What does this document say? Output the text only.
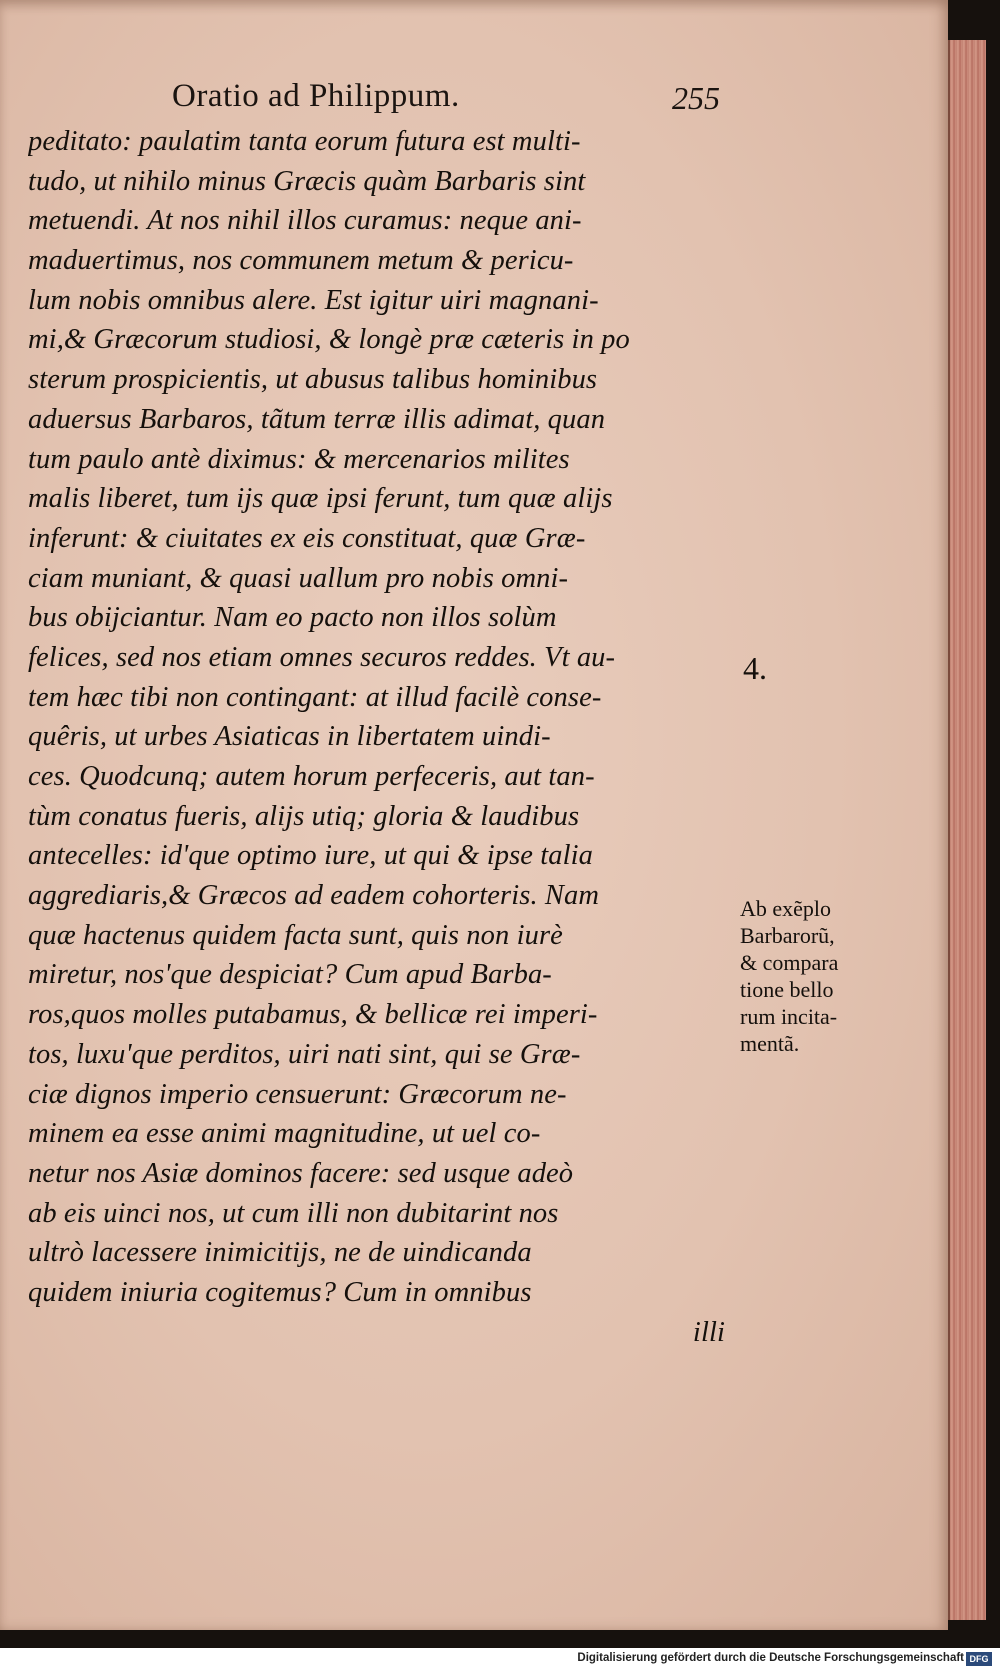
Oratio ad Philippum.	255
peditato: paulatim tanta eorum futura est multi-
tudo, ut nihilo minus Græcis quàm Barbaris sint
metuendi. At nos nihil illos curamus: neque ani-
maduertimus, nos communem metum & pericu-
lum nobis omnibus alere. Est igitur uiri magnani-
mi,& Græcorum studiosi, & longè præ cæteris in po
sterum prospicientis, ut abusus talibus hominibus
aduersus Barbaros, tãtum terræ illis adimat, quan
tum paulo antè diximus: & mercenarios milites
malis liberet, tum ijs quæ ipsi ferunt, tum quæ alijs
inferunt: & ciuitates ex eis constituat, quæ Græ-
ciam muniant, & quasi uallum pro nobis omni-
bus obijciantur. Nam eo pacto non illos solùm
felices, sed nos etiam omnes securos reddes. Vt au-
tem hæc tibi non contingant: at illud facilè conse-
quêris, ut urbes Asiaticas in libertatem uindi-
ces. Quodcunq; autem horum perfeceris, aut tan-
tùm conatus fueris, alijs utiq; gloria & laudibus
antecelles: id'que optimo iure, ut qui & ipse talia
aggrediaris,& Græcos ad eadem cohorteris. Nam
quæ hactenus quidem facta sunt, quis non iurè
miretur, nos'que despiciat? Cum apud Barba-
ros,quos molles putabamus, & bellicæ rei imperi-
tos, luxu'que perditos, uiri nati sint, qui se Græ-
ciæ dignos imperio censuerunt: Græcorum ne-
minem ea esse animi magnitudine, ut uel co-
netur nos Asiæ dominos facere: sed usque adeò
ab eis uinci nos, ut cum illi non dubitarint nos
ultrò lacessere inimicitijs, ne de uindicanda
quidem iniuria cogitemus? Cum in omnibus
illi
4.
Ab exẽplo
Barbarorũ,
& compara
tione bello
rum incita-
mentã.
Digitalisierung gefördert durch die Deutsche Forschungsgemeinschaft DFG
